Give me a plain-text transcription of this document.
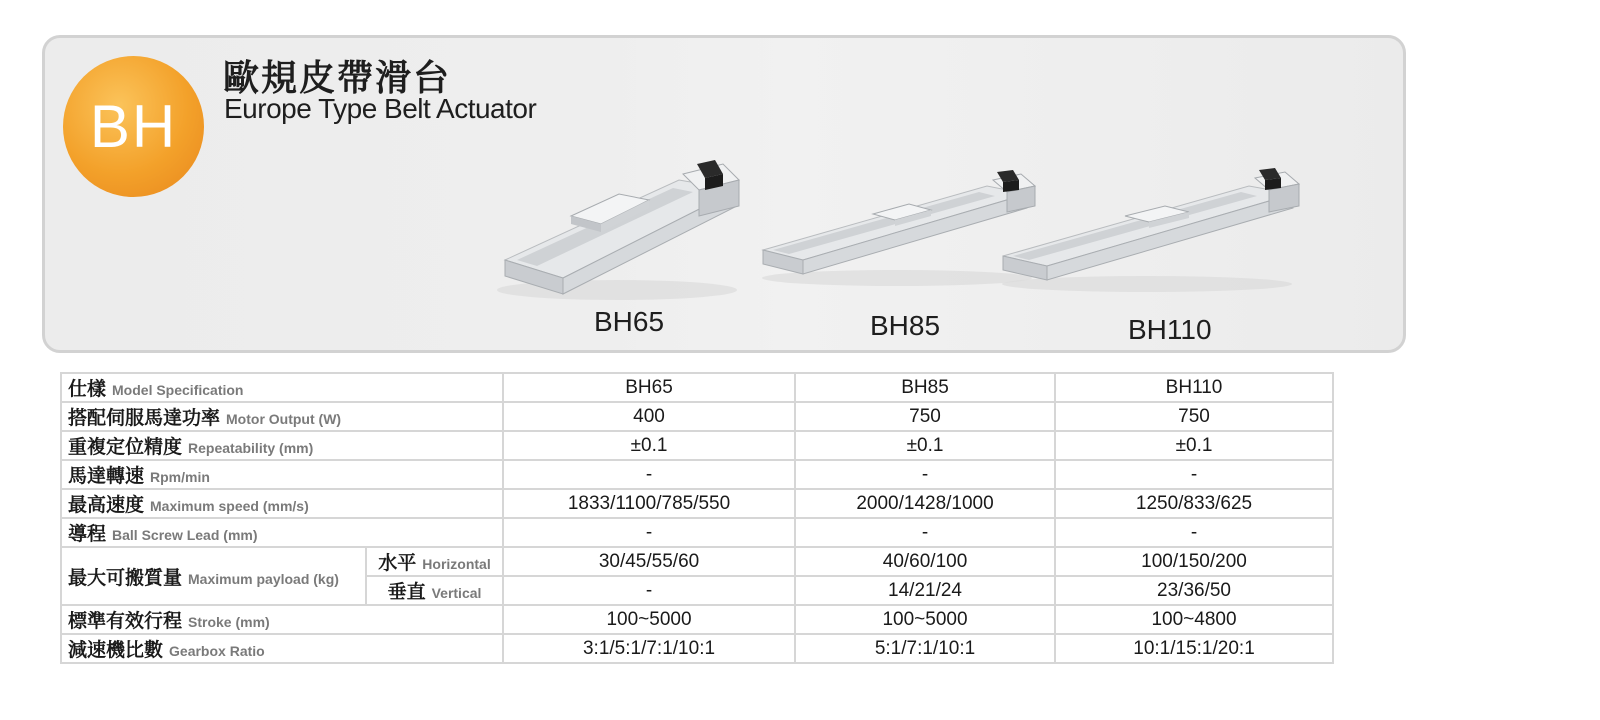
BH
歐規皮帶滑台
Europe Type Belt Actuator
BH65	BH85	BH110
仕樣 Model Specification		BH65	BH85	BH110
搭配伺服馬達功率 Motor Output (W)		400	750	750
重複定位精度 Repeatability (mm)		±0.1	±0.1	±0.1
馬達轉速 Rpm/min		-	-	-
最高速度 Maximum speed (mm/s)		1833/1100/785/550	2000/1428/1000	1250/833/625
導程 Ball Screw Lead (mm)		-	-	-
最大可搬質量 Maximum payload (kg)	水平 Horizontal	30/45/55/60	40/60/100	100/150/200
	垂直 Vertical	-	14/21/24	23/36/50
標準有效行程 Stroke (mm)		100~5000	100~5000	100~4800
減速機比數 Gearbox Ratio		3:1/5:1/7:1/10:1	5:1/7:1/10:1	10:1/15:1/20:1
